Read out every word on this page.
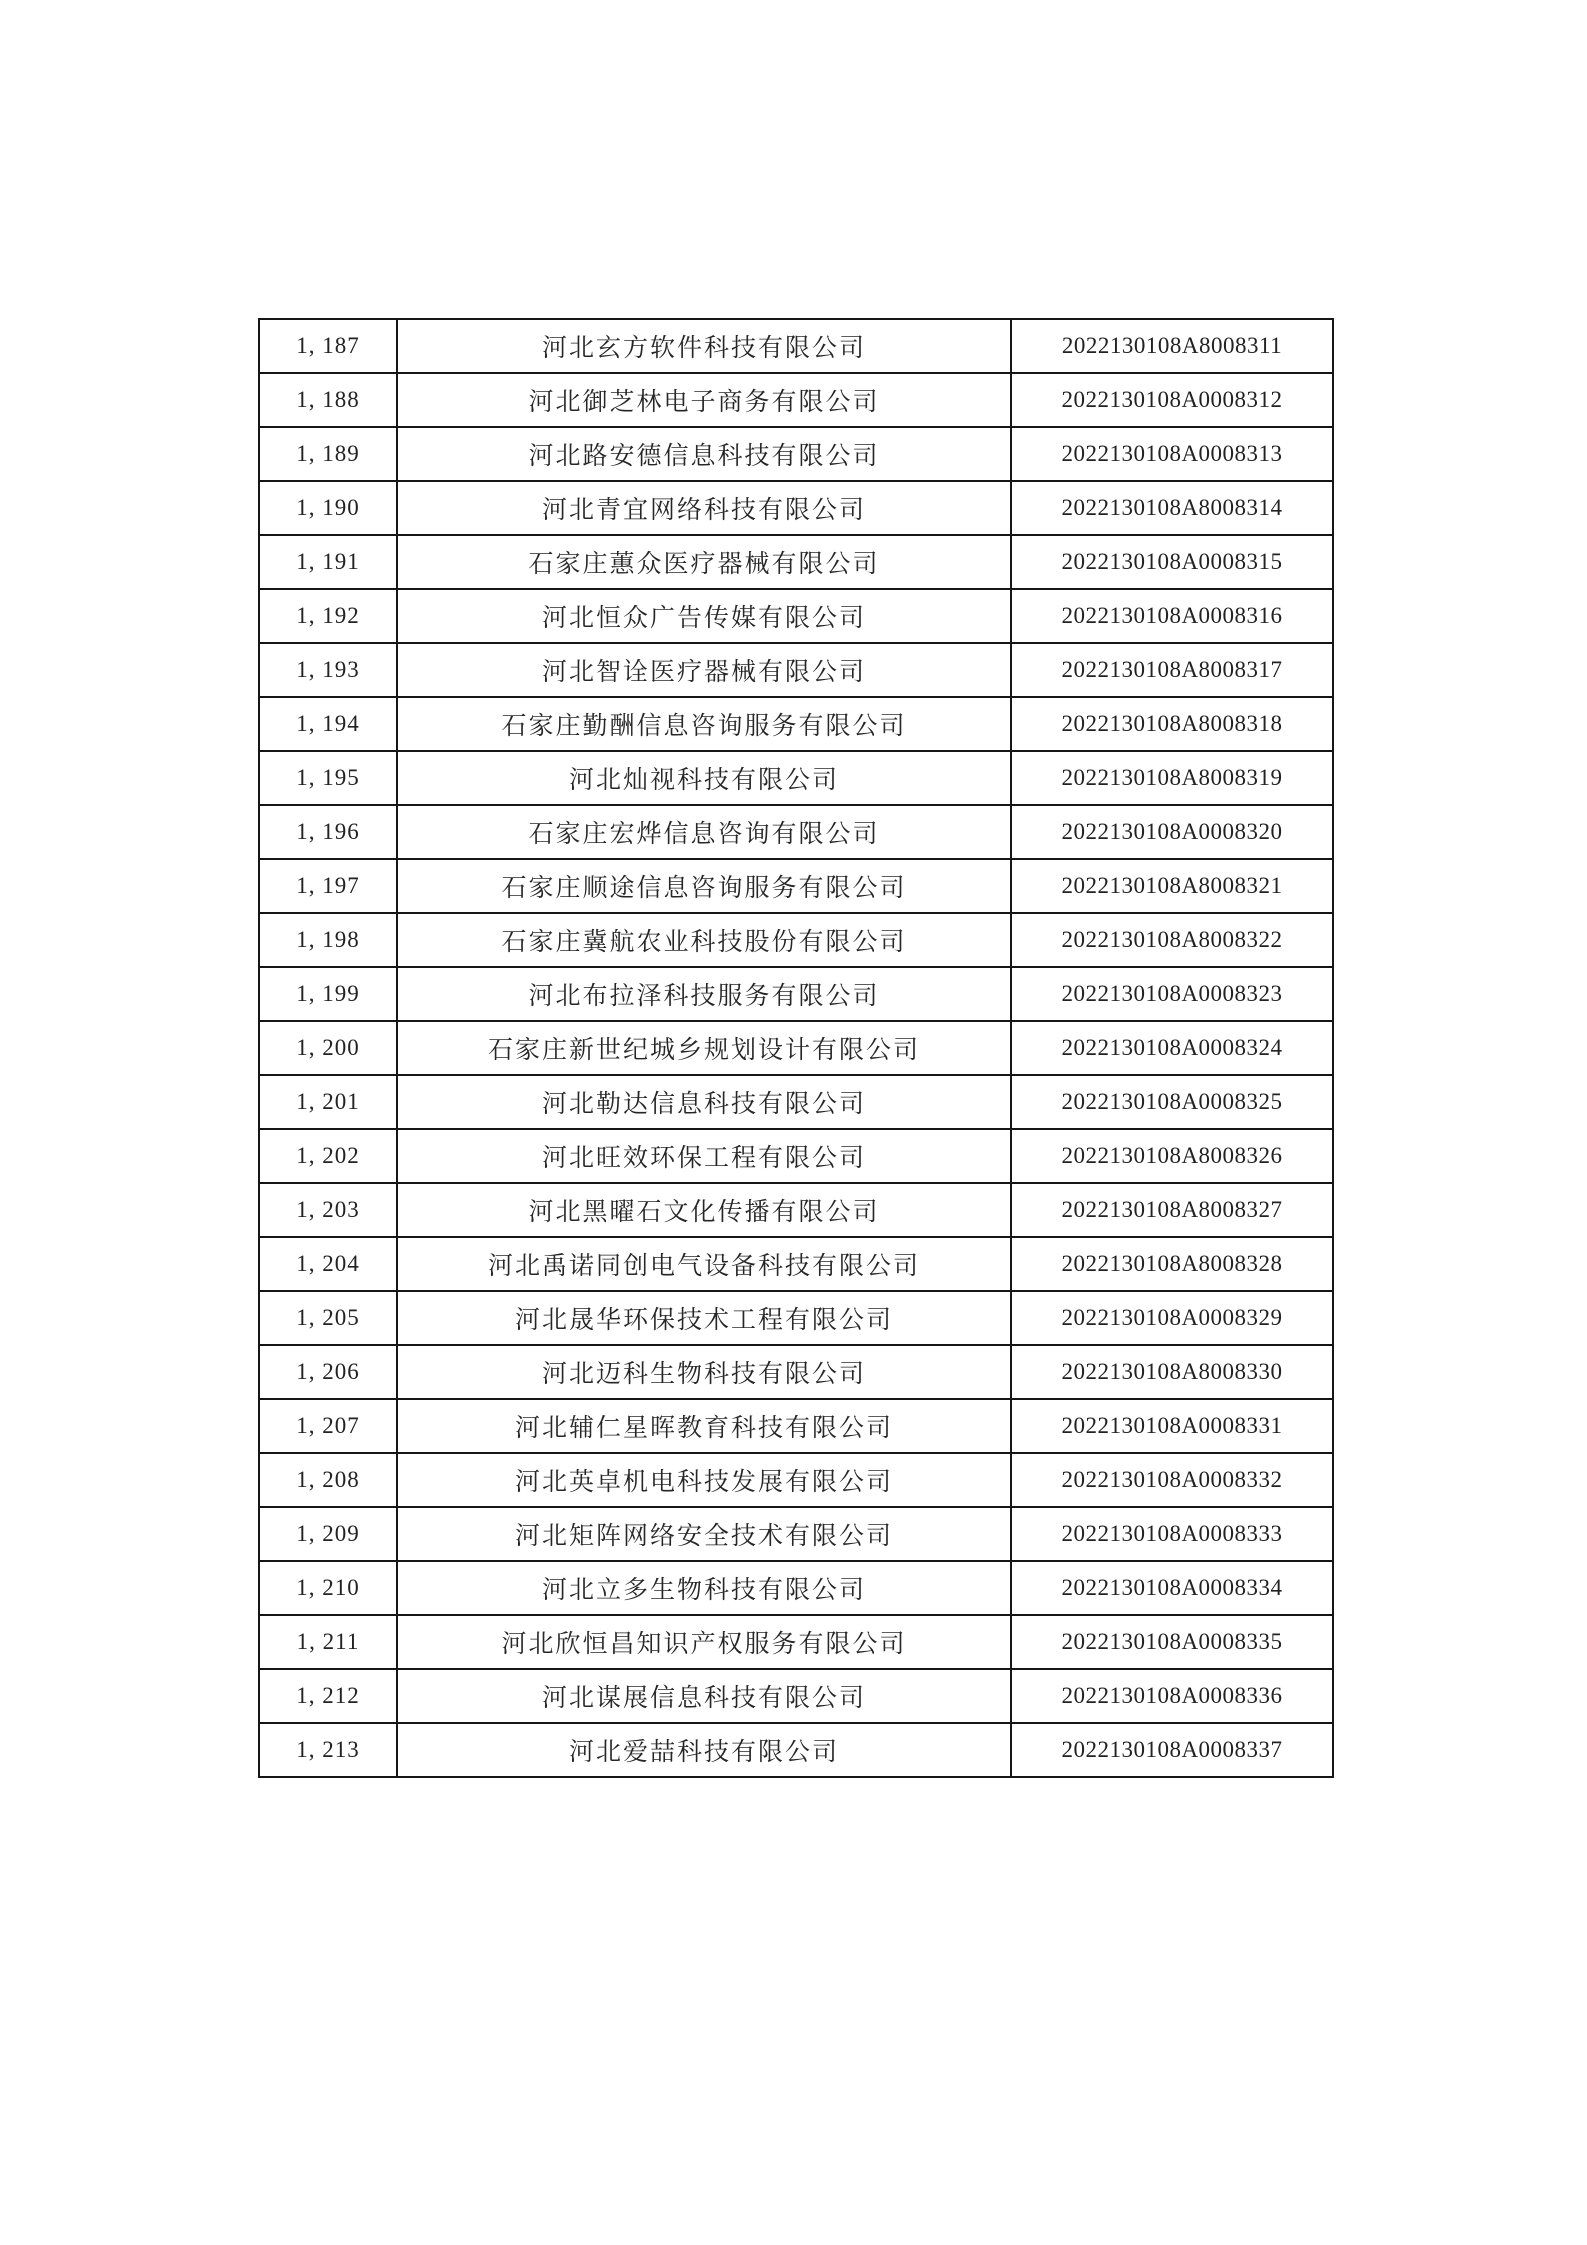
1, 187	河北玄方软件科技有限公司	2022130108A8008311
1, 188	河北御芝林电子商务有限公司	2022130108A0008312
1, 189	河北路安德信息科技有限公司	2022130108A0008313
1, 190	河北青宜网络科技有限公司	2022130108A8008314
1, 191	石家庄蕙众医疗器械有限公司	2022130108A0008315
1, 192	河北恒众广告传媒有限公司	2022130108A0008316
1, 193	河北智诠医疗器械有限公司	2022130108A8008317
1, 194	石家庄勤酬信息咨询服务有限公司	2022130108A8008318
1, 195	河北灿视科技有限公司	2022130108A8008319
1, 196	石家庄宏烨信息咨询有限公司	2022130108A0008320
1, 197	石家庄顺途信息咨询服务有限公司	2022130108A8008321
1, 198	石家庄冀航农业科技股份有限公司	2022130108A8008322
1, 199	河北布拉泽科技服务有限公司	2022130108A0008323
1, 200	石家庄新世纪城乡规划设计有限公司	2022130108A0008324
1, 201	河北勒达信息科技有限公司	2022130108A0008325
1, 202	河北旺效环保工程有限公司	2022130108A8008326
1, 203	河北黑曜石文化传播有限公司	2022130108A8008327
1, 204	河北禹诺同创电气设备科技有限公司	2022130108A8008328
1, 205	河北晟华环保技术工程有限公司	2022130108A0008329
1, 206	河北迈科生物科技有限公司	2022130108A8008330
1, 207	河北辅仁星晖教育科技有限公司	2022130108A0008331
1, 208	河北英卓机电科技发展有限公司	2022130108A0008332
1, 209	河北矩阵网络安全技术有限公司	2022130108A0008333
1, 210	河北立多生物科技有限公司	2022130108A0008334
1, 211	河北欣恒昌知识产权服务有限公司	2022130108A0008335
1, 212	河北谋展信息科技有限公司	2022130108A0008336
1, 213	河北爱喆科技有限公司	2022130108A0008337
